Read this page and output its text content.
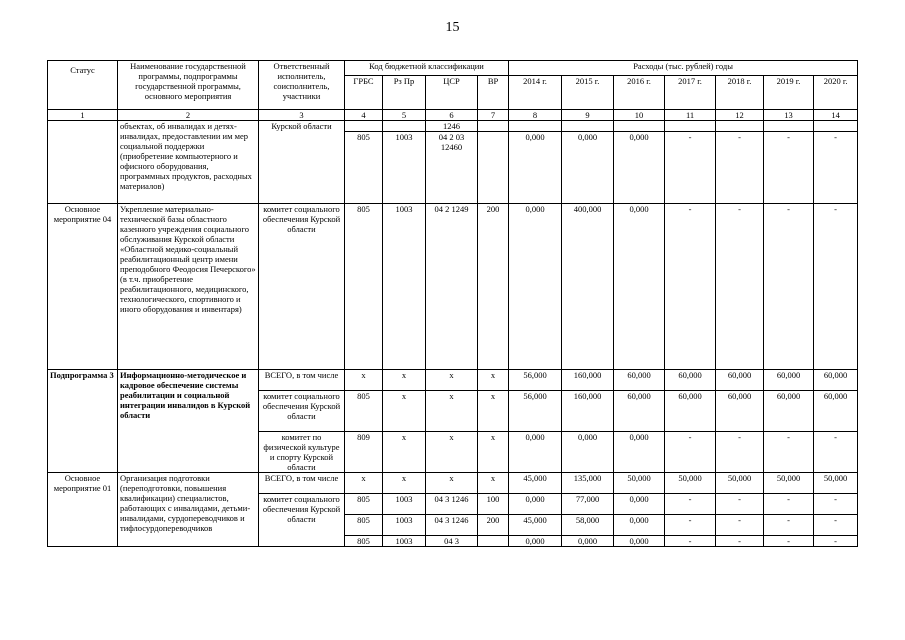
15
Статус	Наименование государственной программы, подпрограммы государственной программы, основного мероприятия	Ответственный исполнитель, соисполнитель, участники	Код бюджетной классификации				Расходы (тыс. рублей) годы						
			ГРБС	Рз Пр	ЦСР	ВР	2014 г.	2015 г.	2016 г.	2017 г.	2018 г.	2019 г.	2020 г.
1	2	3	4	5	6	7	8	9	10	11	12	13	14
	объектах, об инвалидах и детях-инвалидах, предоставлении им мер социальной поддержки (приобретение компьютерного и офисного оборудования, программных продуктов, расходных материалов)	Курской области			1246								
			805	1003	04 2 03 12460		0,000	0,000	0,000	-	-	-	-
Основное мероприятие 04	Укрепление материально-технической базы областного казенного учреждения социального обслуживания Курской области «Областной медико-социальный реабилитационный центр имени преподобного Феодосия Печерского» (в т.ч. приобретение реабилитационного, медицинского, технологического, спортивного и иного оборудования и инвентаря)	комитет социального обеспечения Курской области	805	1003	04 2 1249	200	0,000	400,000	0,000	-	-	-	-
Подпрограмма 3	Информационно-методическое и кадровое обеспечение системы реабилитации и социальной интеграции инвалидов в Курской области	ВСЕГО, в том числе	х	х	х	х	56,000	160,000	60,000	60,000	60,000	60,000	60,000
		комитет социального обеспечения Курской области	805	х	х	х	56,000	160,000	60,000	60,000	60,000	60,000	60,000
		комитет по физической культуре и спорту Курской области	809	х	х	х	0,000	0,000	0,000	-	-	-	-
Основное мероприятие 01	Организация подготовки (переподготовки, повышения квалификации) специалистов, работающих с инвалидами, детьми-инвалидами, сурдопереводчиков и тифлосурдопереводчиков	ВСЕГО, в том числе	х	х	х	х	45,000	135,000	50,000	50,000	50,000	50,000	50,000
		комитет социального обеспечения Курской области	805	1003	04 3 1246	100	0,000	77,000	0,000	-	-	-	-
			805	1003	04 3 1246	200	45,000	58,000	0,000	-	-	-	-
			805	1003	04 3		0,000	0,000	0,000	-	-	-	-
